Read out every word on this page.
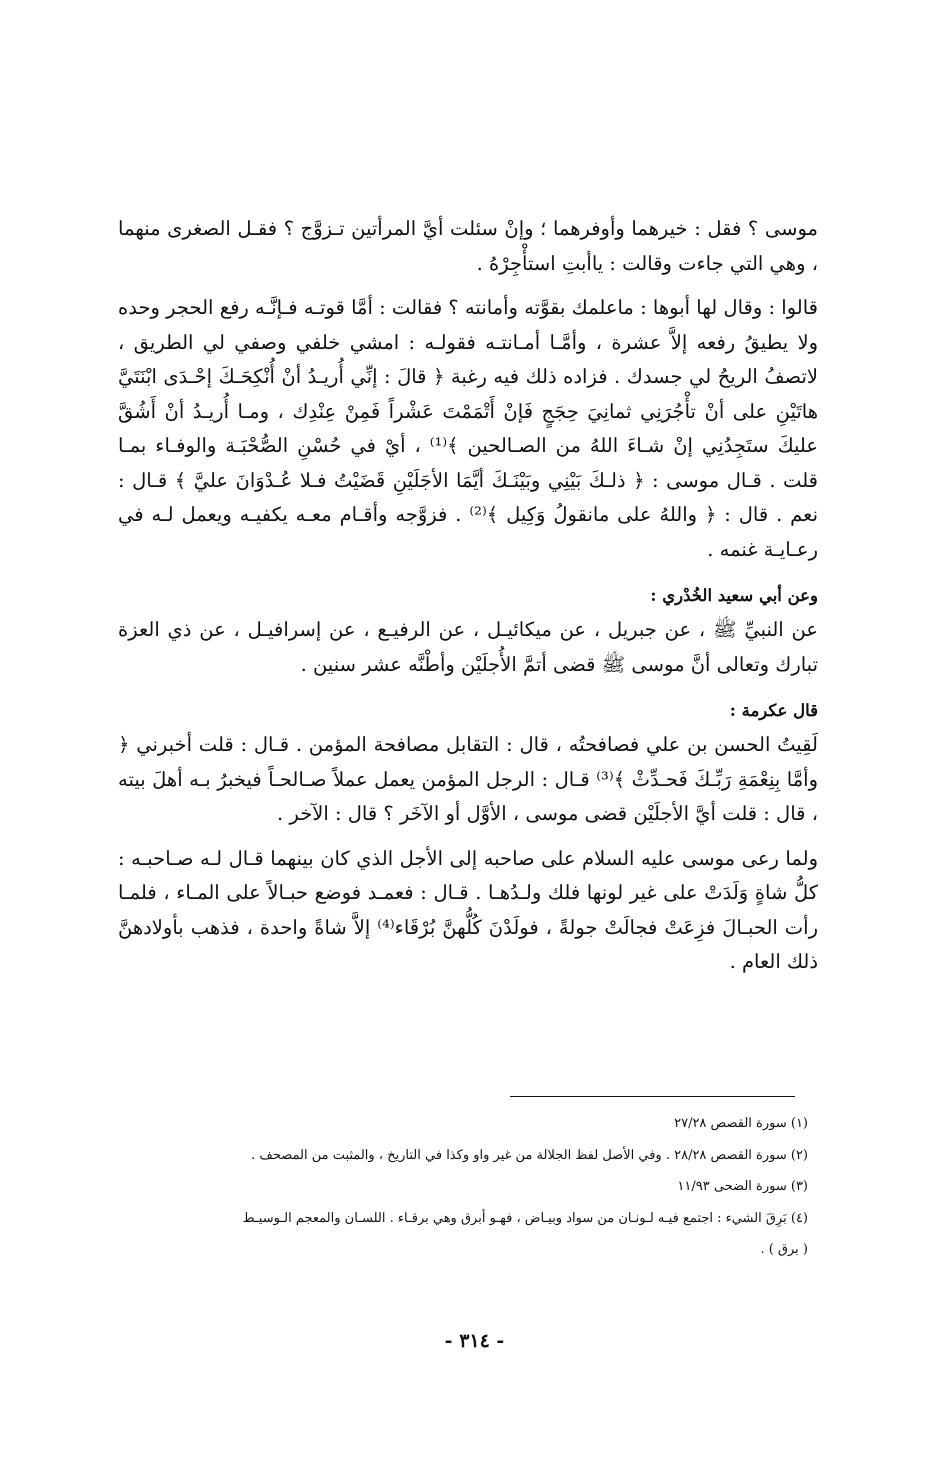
موسى ؟ فقل : خيرهما وأوفرهما ؛ وإنْ سئلت أيَّ المرأتين تـزوَّج ؟ فقـل الصغرى منهما ، وهي التي جاءت وقالت : ياأبتِ استأْجِرْهُ .

قالوا : وقال لها أبوها : ماعلمك بقوَّته وأمانته ؟ فقالت : أمَّا قوتـه فـإنَّـه رفع الحجر وحده ولا يطيقُ رفعه إلاَّ عشرة ، وأمَّـا أمـانتـه فقولـه : امشي خلفي وصفي لي الطريق ، لاتصفُ الريحُ لي جسدك . فزاده ذلك فيه رغبة ﴿ قالَ : إنِّي أُريـدُ أنْ أُنْكِحَـكَ إحْـدَى ابْنَتَيَّ هاتَيْنِ على أنْ تأْجُرَنِي ثمانِيَ حِجَجٍ فَإنْ أَتْمَمْتَ عَشْراً فَمِنْ عِنْدِك ، ومـا أُريـدُ أنْ أَشُقَّ عليكَ ستَجِدُنِي إنْ شـاءَ اللهُ من الصـالحين ﴾⁽¹⁾ ، أيْ في حُسْنِ الصُّحْبَـة والوفـاء بمـا قلت . قـال موسى : ﴿ ذلـكَ بَيْنِي وبَيْنَـكَ أيَّمَا الأجَلَيْنِ قَضَيْتُ فـلا عُـدْوَانَ عليَّ ﴾ قـال : نعم . قال : ﴿ واللهُ على مانقولُ وَكِيل ﴾⁽²⁾ . فزوَّجه وأقـام معـه يكفيـه ويعمل لـه في رعـايـة غنمه .

وعن أبي سعيد الخُدْري :

عن النبيِّ ﷺ ، عن جبريل ، عن ميكائيـل ، عن الرفيـع ، عن إسرافيـل ، عن ذي العزة تبارك وتعالى أنَّ موسى ﷺ قضى أتمَّ الأُجلَيْن وأطْنَّه عشر سنين .

قال عكرمة :

لَقِيتُ الحسن بن علي فصافحتُه ، قال : التقابل مصافحة المؤمن . قـال : قلت أخبرني ﴿ وأمَّا بِنِعْمَةِ رَبِّـكَ فَحـدِّثْ ﴾⁽³⁾ قـال : الرجل المؤمن يعمل عملاً صـالحـاً فيخبرُ بـه أهلَ بيته ، قال : قلت أيَّ الأجلَيْن قضى موسى ، الأوَّل أو الآخَر ؟ قال : الآخر .

ولما رعى موسى عليه السلام على صاحبه إلى الأجل الذي كان بينهما قـال لـه صـاحبـه : كلُّ شاةٍ وَلَدَتْ على غير لونها فلك ولـدُهـا . قـال : فعمـد فوضع حبـالاً على المـاء ، فلمـا رأت الحبـالَ فزِعَتْ فجالَتْ جولةً ، فولَدْنَ كُلُّهنَّ بُرْقَاء⁽⁴⁾ إلاَّ شاةً واحدة ، فذهب بأولادهنَّ ذلك العام .

(١) سورة القصص ٢٧/٢٨

(٢) سورة القصص ٢٨/٢٨ . وفي الأصل لفظ الجلالة من غير واو وكذا في التاريخ ، والمثبت من المصحف .

(٣) سورة الضحى ١١/٩٣

(٤) بَرِقَ الشيء : اجتمع فيـه لـونـان من سواد وبيـاض ، فهـو أبرق وهي برقـاء . اللسـان والمعجم الـوسيـط

( برق ) .

- ٣١٤ -
